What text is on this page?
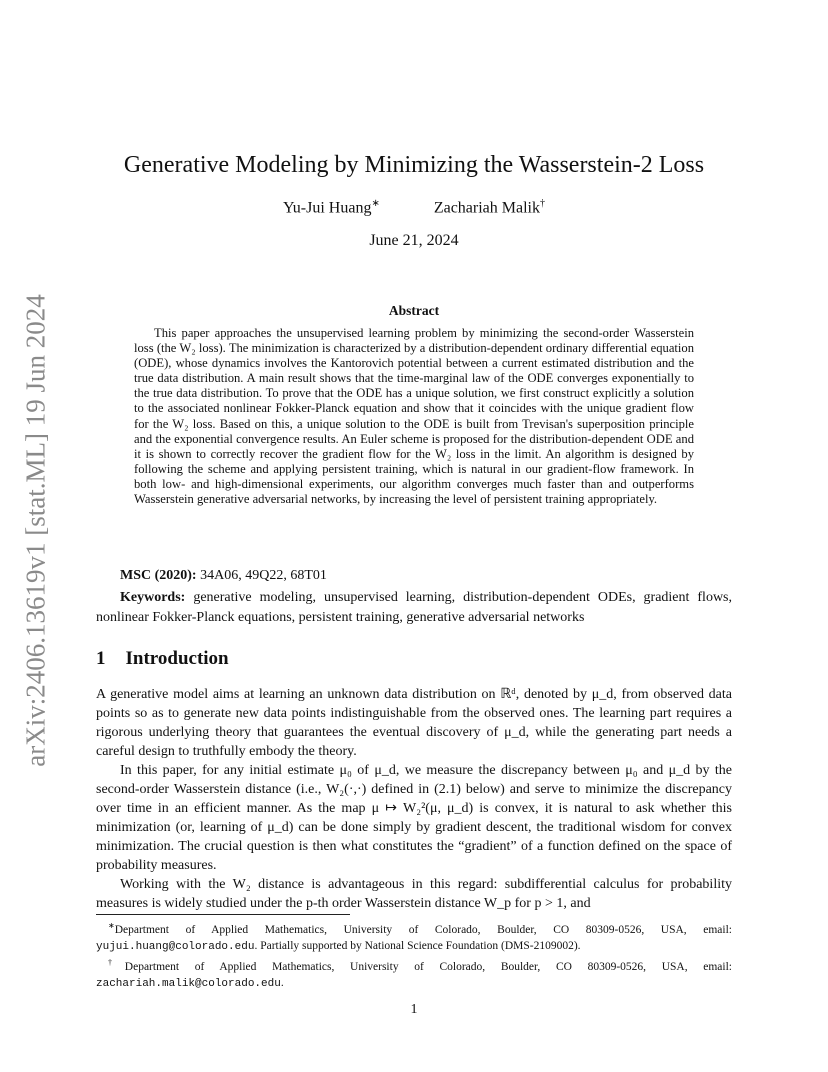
arXiv:2406.13619v1 [stat.ML] 19 Jun 2024
Generative Modeling by Minimizing the Wasserstein-2 Loss
Yu-Jui Huang∗	Zachariah Malik†
June 21, 2024
Abstract

This paper approaches the unsupervised learning problem by minimizing the second-order Wasserstein loss (the W₂ loss). The minimization is characterized by a distribution-dependent ordinary differential equation (ODE), whose dynamics involves the Kantorovich potential between a current estimated distribution and the true data distribution. A main result shows that the time-marginal law of the ODE converges exponentially to the true data distribution. To prove that the ODE has a unique solution, we first construct explicitly a solution to the associated nonlinear Fokker-Planck equation and show that it coincides with the unique gradient flow for the W₂ loss. Based on this, a unique solution to the ODE is built from Trevisan's superposition principle and the exponential convergence results. An Euler scheme is proposed for the distribution-dependent ODE and it is shown to correctly recover the gradient flow for the W₂ loss in the limit. An algorithm is designed by following the scheme and applying persistent training, which is natural in our gradient-flow framework. In both low- and high-dimensional experiments, our algorithm converges much faster than and outperforms Wasserstein generative adversarial networks, by increasing the level of persistent training appropriately.

MSC (2020): 34A06, 49Q22, 68T01

Keywords: generative modeling, unsupervised learning, distribution-dependent ODEs, gradient flows, nonlinear Fokker-Planck equations, persistent training, generative adversarial networks

1 Introduction

A generative model aims at learning an unknown data distribution on ℝᵈ, denoted by μ_d, from observed data points so as to generate new data points indistinguishable from the observed ones. The learning part requires a rigorous underlying theory that guarantees the eventual discovery of μ_d, while the generating part needs a careful design to truthfully embody the theory.

In this paper, for any initial estimate μ₀ of μ_d, we measure the discrepancy between μ₀ and μ_d by the second-order Wasserstein distance (i.e., W₂(·,·) defined in (2.1) below) and serve to minimize the discrepancy over time in an efficient manner. As the map μ ↦ W₂²(μ, μ_d) is convex, it is natural to ask whether this minimization (or, learning of μ_d) can be done simply by gradient descent, the traditional wisdom for convex minimization. The crucial question is then what constitutes the “gradient” of a function defined on the space of probability measures.

Working with the W₂ distance is advantageous in this regard: subdifferential calculus for probability measures is widely studied under the p-th order Wasserstein distance W_p for p > 1, and

∗Department of Applied Mathematics, University of Colorado, Boulder, CO 80309-0526, USA, email: yujui.huang@colorado.edu. Partially supported by National Science Foundation (DMS-2109002).

†Department of Applied Mathematics, University of Colorado, Boulder, CO 80309-0526, USA, email: zachariah.malik@colorado.edu.

1
